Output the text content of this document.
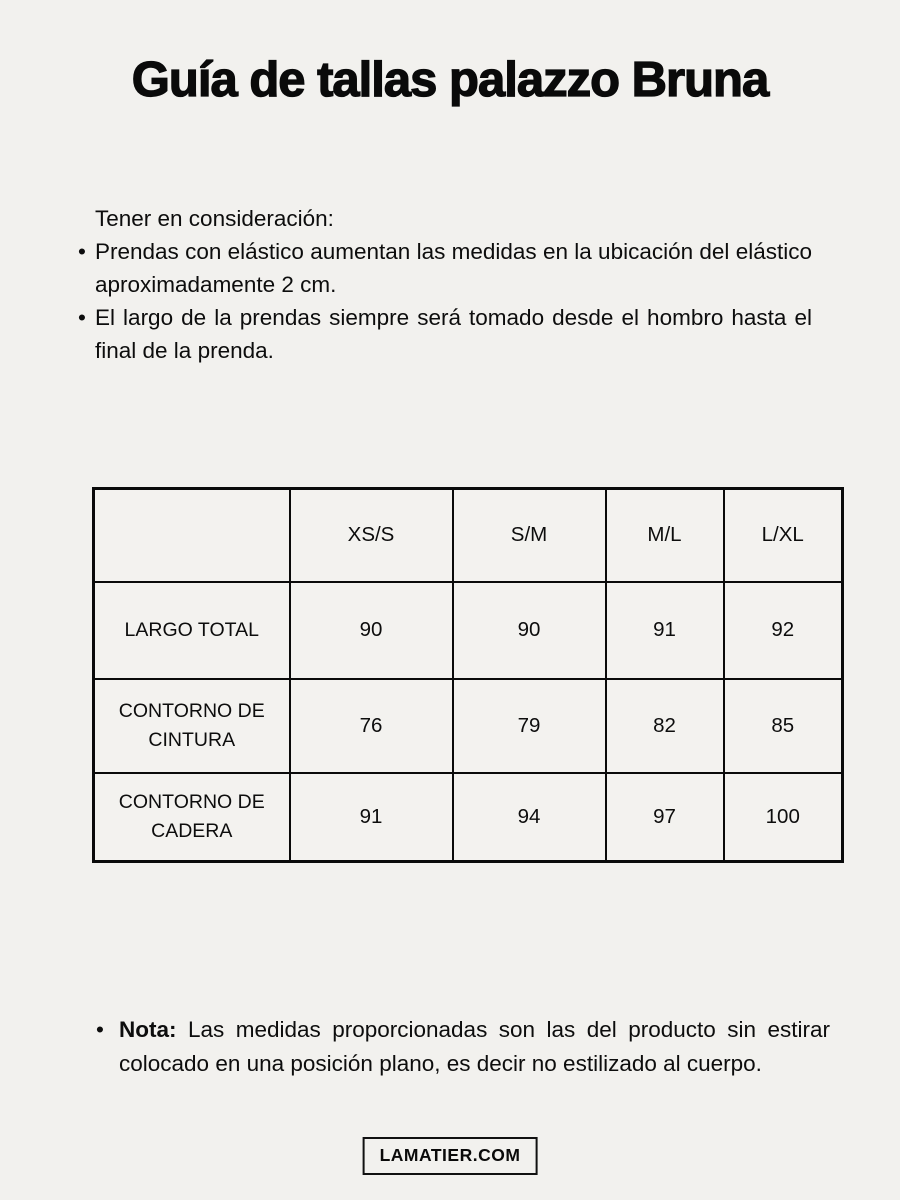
Guía de tallas palazzo Bruna
Tener en consideración:
• Prendas con elástico aumentan las medidas en la ubicación del elástico aproximadamente 2 cm.
• El largo de la prendas siempre será tomado desde el hombro hasta el final de la prenda.
	XS/S	S/M	M/L	L/XL
LARGO TOTAL	90	90	91	92
CONTORNO DE CINTURA	76	79	82	85
CONTORNO DE CADERA	91	94	97	100
• Nota: Las medidas proporcionadas son las del producto sin estirar colocado en una posición plano, es decir no estilizado al cuerpo.
LAMATIER.COM
